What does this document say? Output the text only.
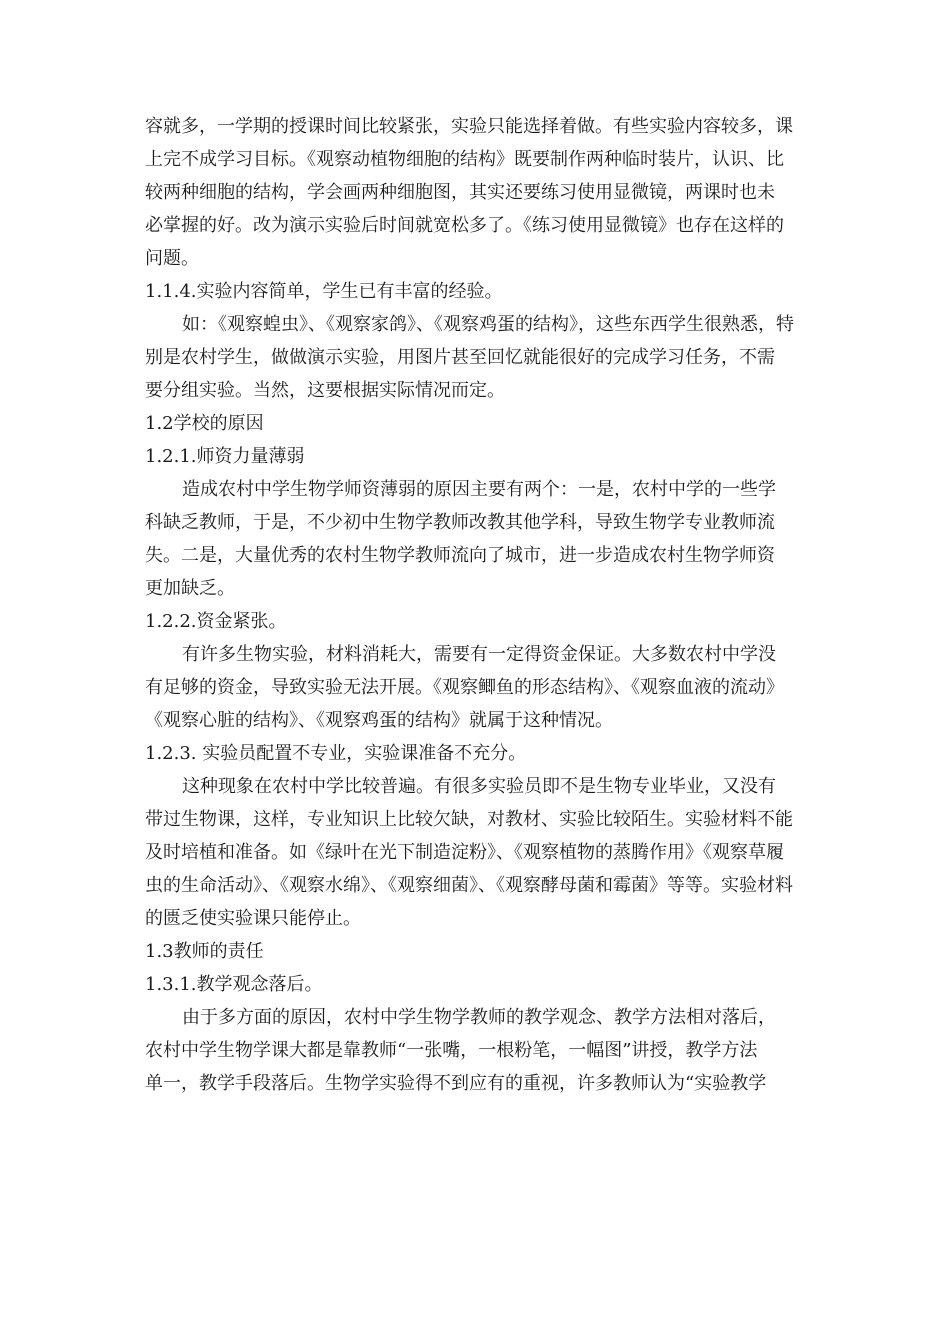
容就多，一学期的授课时间比较紧张，实验只能选择着做。有些实验内容较多，课
上完不成学习目标。《观察动植物细胞的结构》既要制作两种临时装片，认识、比
较两种细胞的结构，学会画两种细胞图，其实还要练习使用显微镜，两课时也未
必掌握的好。改为演示实验后时间就宽松多了。《练习使用显微镜》也存在这样的
问题。
1.1.4.实验内容简单，学生已有丰富的经验。
如：《观察蝗虫》、《观察家鸽》、《观察鸡蛋的结构》，这些东西学生很熟悉，特
别是农村学生，做做演示实验，用图片甚至回忆就能很好的完成学习任务，不需
要分组实验。当然，这要根据实际情况而定。
1.2学校的原因
1.2.1.师资力量薄弱
造成农村中学生物学师资薄弱的原因主要有两个：一是，农村中学的一些学
科缺乏教师，于是，不少初中生物学教师改教其他学科，导致生物学专业教师流
失。二是，大量优秀的农村生物学教师流向了城市，进一步造成农村生物学师资
更加缺乏。
1.2.2.资金紧张。
有许多生物实验，材料消耗大，需要有一定得资金保证。大多数农村中学没
有足够的资金，导致实验无法开展。《观察鲫鱼的形态结构》、《观察血液的流动》
《观察心脏的结构》、《观察鸡蛋的结构》就属于这种情况。
1.2.3. 实验员配置不专业，实验课准备不充分。
这种现象在农村中学比较普遍。有很多实验员即不是生物专业毕业，又没有
带过生物课，这样，专业知识上比较欠缺，对教材、实验比较陌生。实验材料不能
及时培植和准备。如《绿叶在光下制造淀粉》、《观察植物的蒸腾作用》《观察草履
虫的生命活动》、《观察水绵》、《观察细菌》、《观察酵母菌和霉菌》等等。实验材料
的匮乏使实验课只能停止。
1.3教师的责任
1.3.1.教学观念落后。
由于多方面的原因，农村中学生物学教师的教学观念、教学方法相对落后，
农村中学生物学课大都是靠教师“一张嘴，一根粉笔，一幅图”讲授，教学方法
单一，教学手段落后。生物学实验得不到应有的重视，许多教师认为“实验教学
